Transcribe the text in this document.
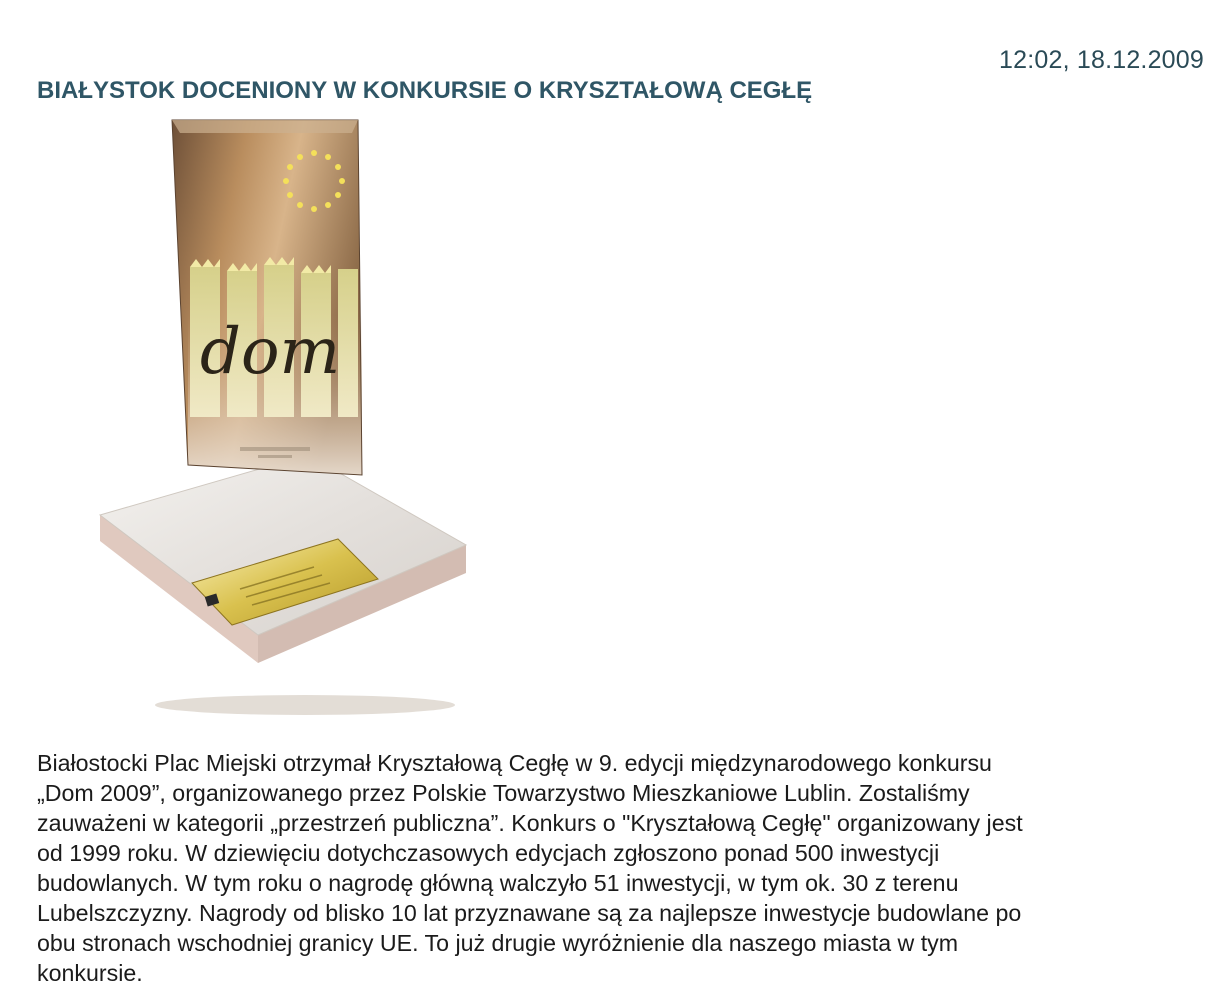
12:02, 18.12.2009
BIAŁYSTOK DOCENIONY W KONKURSIE O KRYSZTAŁOWĄ CEGŁĘ
dom

Białostocki Plac Miejski otrzymał Kryształową Cegłę w 9. edycji międzynarodowego konkursu
„Dom 2009”, organizowanego przez Polskie Towarzystwo Mieszkaniowe Lublin. Zostaliśmy
zauważeni w kategorii „przestrzeń publiczna”. Konkurs o "Kryształową Cegłę" organizowany jest
od 1999 roku. W dziewięciu dotychczasowych edycjach zgłoszono ponad 500 inwestycji
budowlanych. W tym roku o nagrodę główną walczyło 51 inwestycji, w tym ok. 30 z terenu
Lubelszczyzny. Nagrody od blisko 10 lat przyznawane są za najlepsze inwestycje budowlane po
obu stronach wschodniej granicy UE. To już drugie wyróżnienie dla naszego miasta w tym
konkursie.
